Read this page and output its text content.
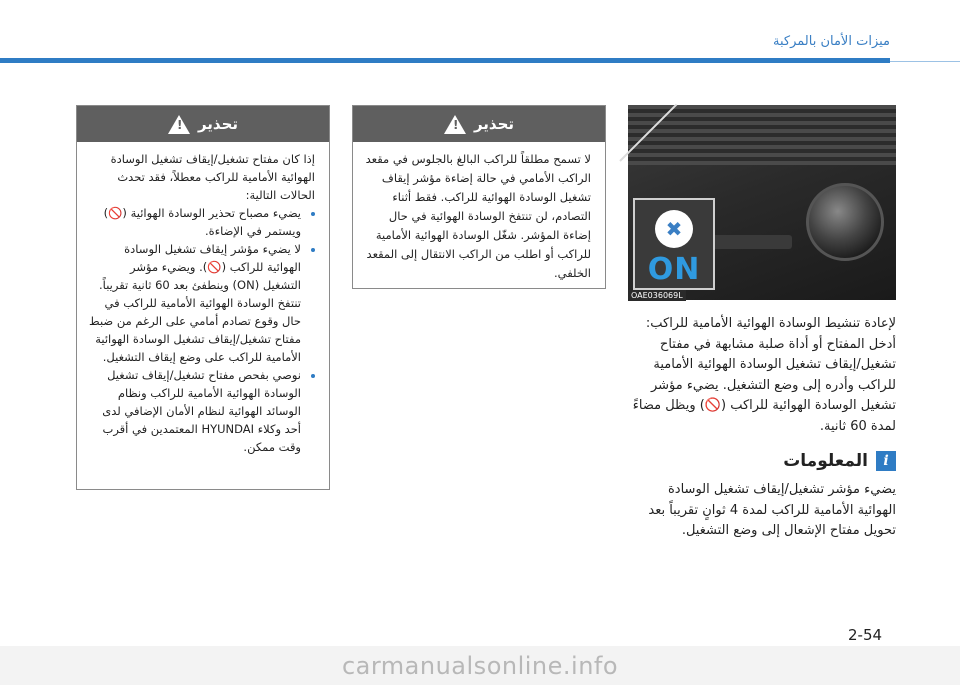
ميزات الأمان بالمركبة
تحذير
!

إذا كان مفتاح تشغيل/إيقاف تشغيل الوسادة الهوائية الأمامية للراكب معطلاً، فقد تحدث الحالات التالية:

• يضيء مصباح تحذير الوسادة الهوائية (🚫) ويستمر في الإضاءة.
• لا يضيء مؤشر إيقاف تشغيل الوسادة الهوائية للراكب (🚫). ويضيء مؤشر التشغيل (ON) وينطفئ بعد 60 ثانية تقريباً. تنتفخ الوسادة الهوائية الأمامية للراكب في حال وقوع تصادم أمامي على الرغم من ضبط مفتاح تشغيل/إيقاف تشغيل الوسادة الهوائية الأمامية للراكب على وضع إيقاف التشغيل.
• نوصي بفحص مفتاح تشغيل/إيقاف تشغيل الوسادة الهوائية الأمامية للراكب ونظام الوسائد الهوائية لنظام الأمان الإضافي لدى أحد وكلاء HYUNDAI المعتمدين في أقرب وقت ممكن.
تحذير
!

لا تسمح مطلقاً للراكب البالغ بالجلوس في مقعد الراكب الأمامي في حالة إضاءة مؤشر إيقاف تشغيل الوسادة الهوائية للراكب. فقط أثناء التصادم، لن تنتفخ الوسادة الهوائية في حال إضاءة المؤشر. شغّل الوسادة الهوائية الأمامية للراكب أو اطلب من الراكب الانتقال إلى المقعد الخلفي.

✖
ON
OAE036069L

لإعادة تنشيط الوسادة الهوائية الأمامية للراكب: أدخل المفتاح أو أداة صلبة مشابهة في مفتاح تشغيل/إيقاف تشغيل الوسادة الهوائية الأمامية للراكب وأدره إلى وضع التشغيل. يضيء مؤشر تشغيل الوسادة الهوائية للراكب (🚫) ويظل مضاءً لمدة 60 ثانية.

i
المعلومات

يضيء مؤشر تشغيل/إيقاف تشغيل الوسادة الهوائية الأمامية للراكب لمدة 4 ثوانٍ تقريباً بعد تحويل مفتاح الإشعال إلى وضع التشغيل.

2-54
carmanualsonline.info
